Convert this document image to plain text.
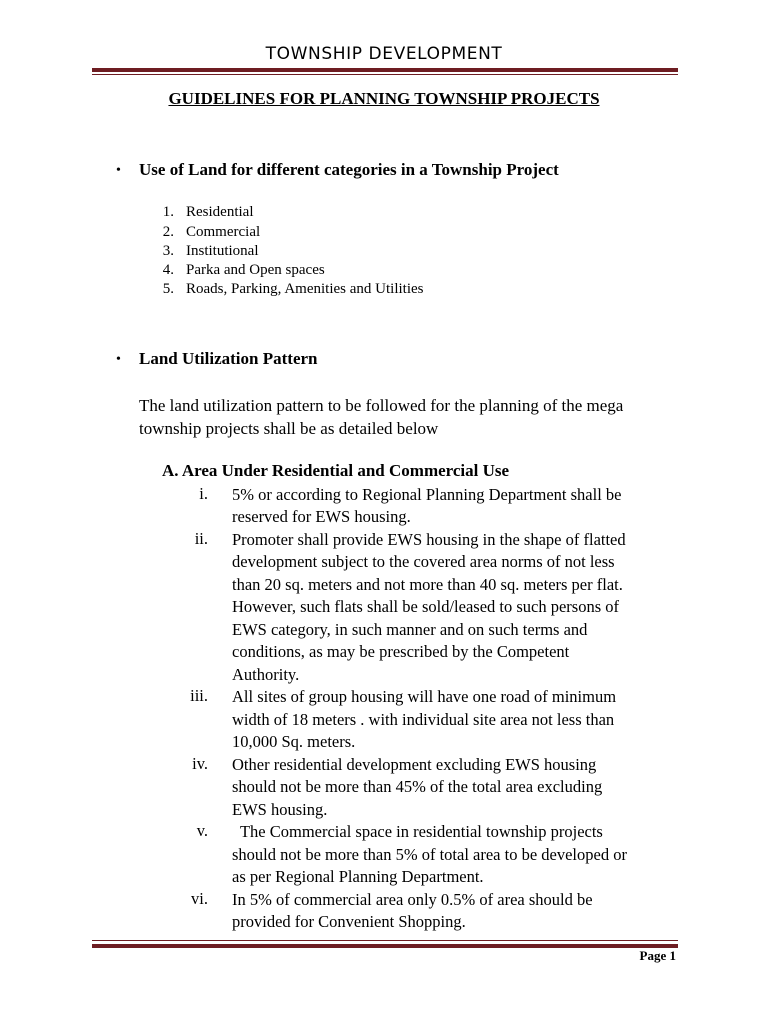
TOWNSHIP DEVELOPMENT
GUIDELINES FOR PLANNING TOWNSHIP PROJECTS
• Use of Land for different categories in a Township Project
1. Residential
2. Commercial
3. Institutional
4. Parka and Open spaces
5. Roads, Parking, Amenities and Utilities
• Land Utilization Pattern
The land utilization pattern to be followed for the planning of the mega
township projects shall be as detailed below
A. Area Under Residential and Commercial Use
i. 5% or according to Regional Planning Department shall be
reserved for EWS housing.
ii. Promoter shall provide EWS housing in the shape of flatted
development subject to the covered area norms of not less
than 20 sq. meters and not more than 40 sq. meters per flat.
However, such flats shall be sold/leased to such persons of
EWS category, in such manner and on such terms and
conditions, as may be prescribed by the Competent
Authority.
iii. All sites of group housing will have one road of minimum
width of 18 meters . with individual site area not less than
10,000 Sq. meters.
iv. Other residential development excluding EWS housing
should not be more than 45% of the total area excluding
EWS housing.
v. The Commercial space in residential township projects
should not be more than 5% of total area to be developed or
as per Regional Planning Department.
vi. In 5% of commercial area only 0.5% of area should be
provided for Convenient Shopping.
Page 1
